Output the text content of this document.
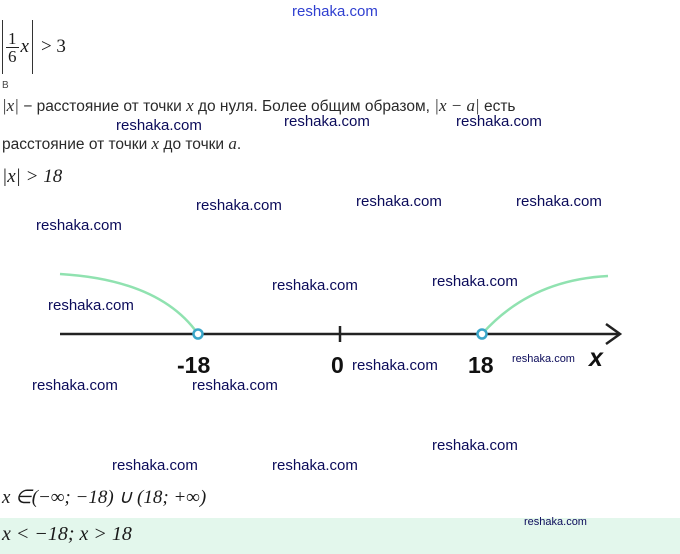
reshaka.com
$\frac{1}{6}$ x > 3
B
|x| − расстояние от точки x до нуля. Более общим образом, |x − a| есть
расстояние от точки x до точки a.
|x| > 18
-18	0	18	x
x ∈(−∞; −18) ∪ (18; +∞)
x < −18; x > 18
reshaka.com	reshaka.com	reshaka.com
reshaka.com	reshaka.com	reshaka.com
reshaka.com
reshaka.com	reshaka.com
reshaka.com
reshaka.com	reshaka.com
reshaka.com	reshaka.com
reshaka.com
reshaka.com	reshaka.com
reshaka.com
